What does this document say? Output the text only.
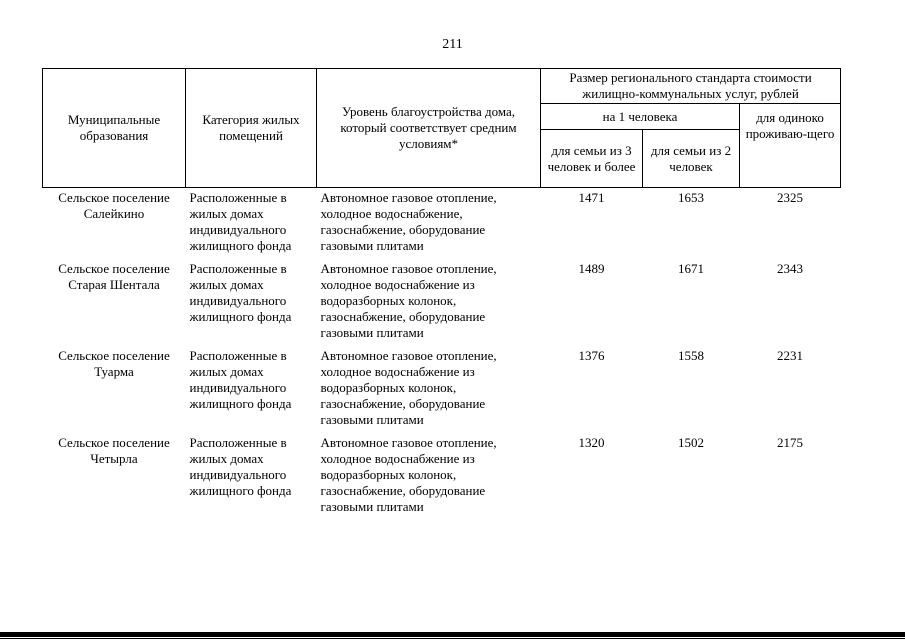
211
Муниципальные образования	Категория жилых помещений	Уровень благоустройства дома, который соответствует средним условиям*	Размер регионального стандарта стоимости жилищно-коммунальных услуг, рублей		
			на 1 человека		для одиноко проживаю-щего
			для семьи из 3 человек и более	для семьи из 2 человек	
Сельское поселение Салейкино	Расположенные в жилых домах индивидуального жилищного фонда	Автономное газовое отопление, холодное водоснабжение, газоснабжение, оборудование газовыми плитами	1471	1653	2325
Сельское поселение Старая Шентала	Расположенные в жилых домах индивидуального жилищного фонда	Автономное газовое отопление, холодное водоснабжение из водоразборных колонок, газоснабжение, оборудование газовыми плитами	1489	1671	2343
Сельское поселение Туарма	Расположенные в жилых домах индивидуального жилищного фонда	Автономное газовое отопление, холодное водоснабжение из водоразборных колонок, газоснабжение, оборудование газовыми плитами	1376	1558	2231
Сельское поселение Четырла	Расположенные в жилых домах индивидуального жилищного фонда	Автономное газовое отопление, холодное водоснабжение из водоразборных колонок, газоснабжение, оборудование газовыми плитами	1320	1502	2175
